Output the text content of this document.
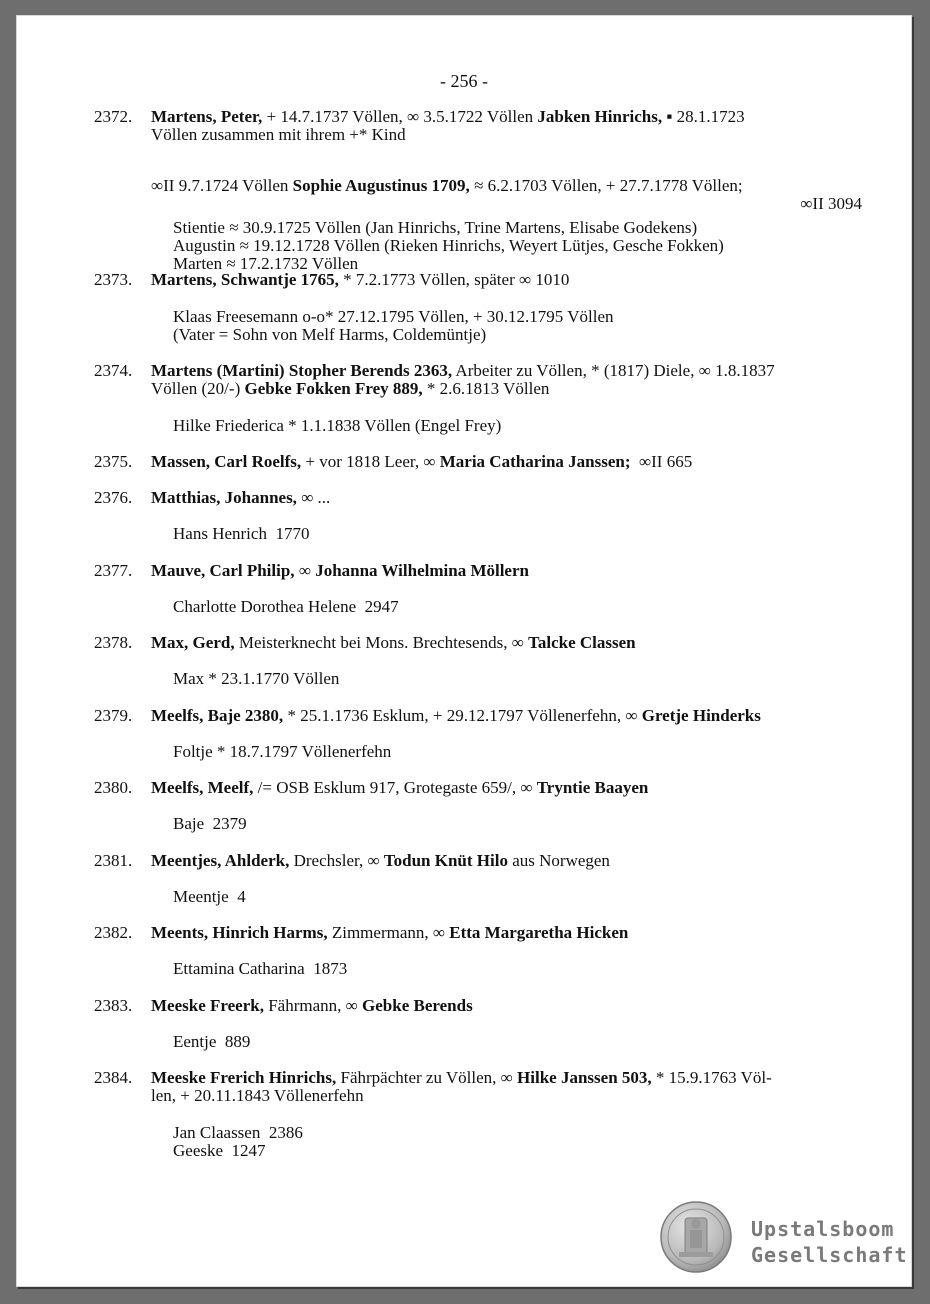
- 256 -
2372. Martens, Peter, + 14.7.1737 Völlen, ∞ 3.5.1722 Völlen Jabken Hinrichs, ▪ 28.1.1723
Völlen zusammen mit ihrem +* Kind
∞II 9.7.1724 Völlen Sophie Augustinus 1709, ≈ 6.2.1703 Völlen, + 27.7.1778 Völlen;
∞II 3094
Stientie ≈ 30.9.1725 Völlen (Jan Hinrichs, Trine Martens, Elisabe Godekens)
Augustin ≈ 19.12.1728 Völlen (Rieken Hinrichs, Weyert Lütjes, Gesche Fokken)
Marten ≈ 17.2.1732 Völlen
2373. Martens, Schwantje 1765, * 7.2.1773 Völlen, später ∞ 1010
Klaas Freesemann o-o* 27.12.1795 Völlen, + 30.12.1795 Völlen
(Vater = Sohn von Melf Harms, Coldemüntje)
2374. Martens (Martini) Stopher Berends 2363, Arbeiter zu Völlen, * (1817) Diele, ∞ 1.8.1837
Völlen (20/-) Gebke Fokken Frey 889, * 2.6.1813 Völlen
Hilke Friederica * 1.1.1838 Völlen (Engel Frey)
2375. Massen, Carl Roelfs, + vor 1818 Leer, ∞ Maria Catharina Janssen;  ∞II 665
2376. Matthias, Johannes, ∞ ...
Hans Henrich  1770
2377. Mauve, Carl Philip, ∞ Johanna Wilhelmina Möllern
Charlotte Dorothea Helene  2947
2378. Max, Gerd, Meisterknecht bei Mons. Brechtesends, ∞ Talcke Classen
Max * 23.1.1770 Völlen
2379. Meelfs, Baje 2380, * 25.1.1736 Esklum, + 29.12.1797 Völlenerfehn, ∞ Gretje Hinderks
Foltje * 18.7.1797 Völlenerfehn
2380. Meelfs, Meelf, /= OSB Esklum 917, Grotegaste 659/, ∞ Tryntie Baayen
Baje  2379
2381. Meentjes, Ahlderk, Drechsler, ∞ Todun Knüt Hilo aus Norwegen
Meentje  4
2382. Meents, Hinrich Harms, Zimmermann, ∞ Etta Margaretha Hicken
Ettamina Catharina  1873
2383. Meeske Freerk, Fährmann, ∞ Gebke Berends
Eentje  889
2384. Meeske Frerich Hinrichs, Fährpächter zu Völlen, ∞ Hilke Janssen 503, * 15.9.1763 Völ-
len, + 20.11.1843 Völlenerfehn
Jan Claassen  2386
Geeske  1247
Upstalsboom
Gesellschaft
